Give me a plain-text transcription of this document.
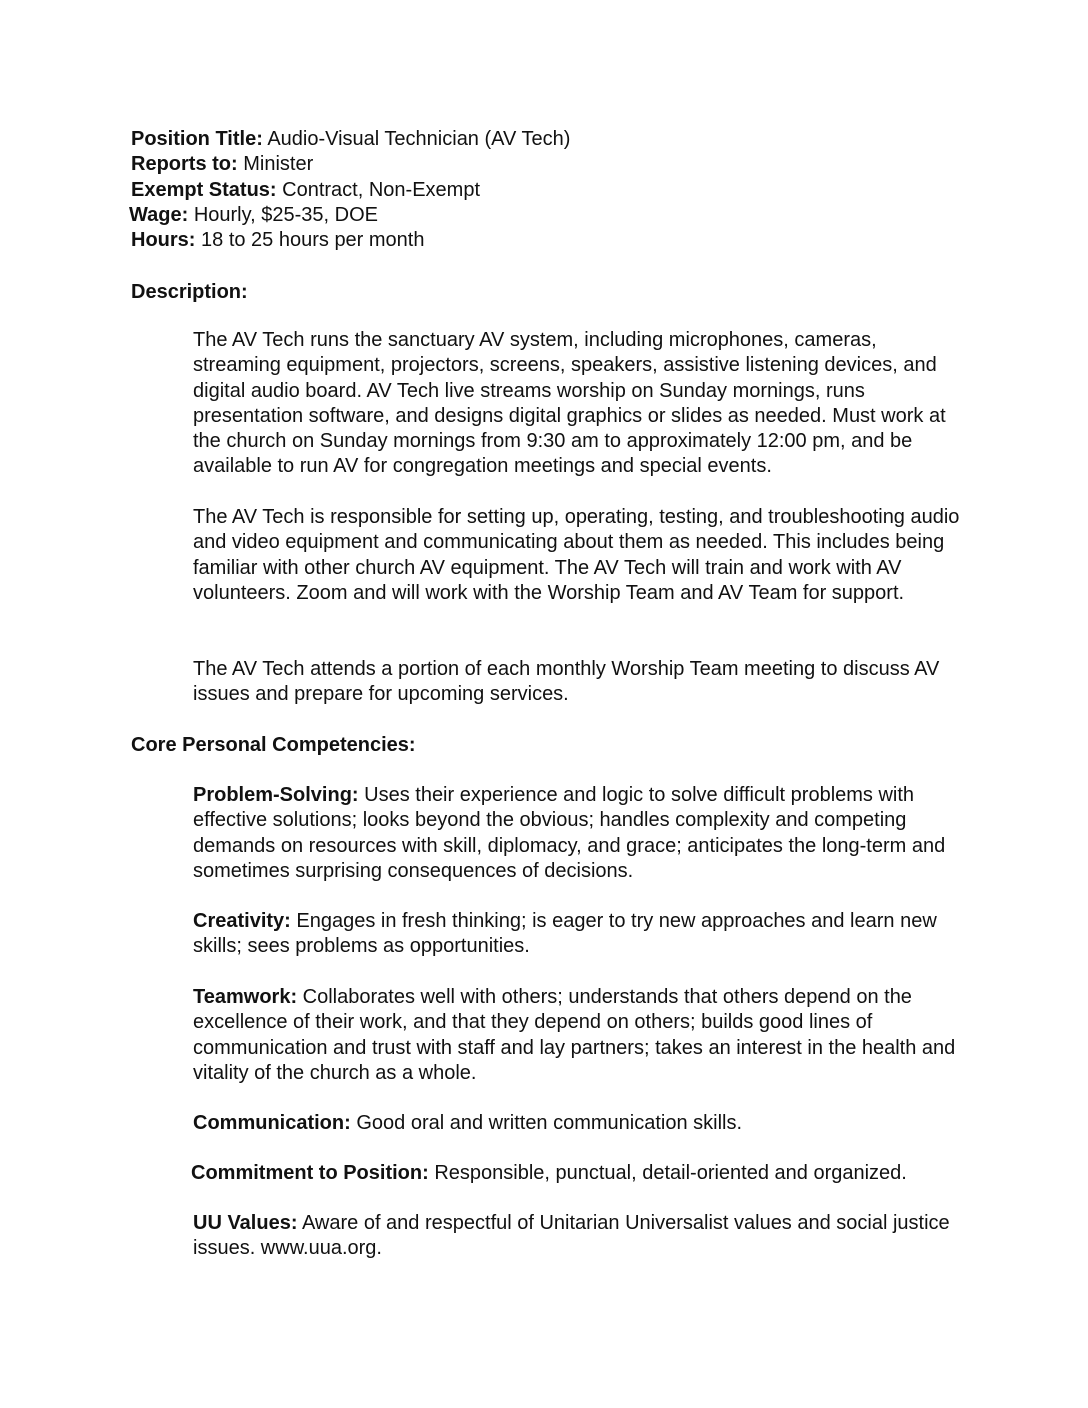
Position Title: Audio-Visual Technician (AV Tech)
Reports to: Minister
Exempt Status: Contract, Non-Exempt
Wage: Hourly, $25-35, DOE
Hours: 18 to 25 hours per month
Description:
The AV Tech runs the sanctuary AV system, including microphones, cameras, streaming equipment, projectors, screens, speakers, assistive listening devices, and digital audio board. AV Tech live streams worship on Sunday mornings, runs presentation software, and designs digital graphics or slides as needed. Must work at the church on Sunday mornings from 9:30 am to approximately 12:00 pm, and be available to run AV for congregation meetings and special events.
The AV Tech is responsible for setting up, operating, testing, and troubleshooting audio and video equipment and communicating about them as needed. This includes being familiar with other church AV equipment. The AV Tech will train and work with AV volunteers. Zoom and will work with the Worship Team and AV Team for support.
The AV Tech attends a portion of each monthly Worship Team meeting to discuss AV issues and prepare for upcoming services.
Core Personal Competencies:
Problem-Solving: Uses their experience and logic to solve difficult problems with effective solutions; looks beyond the obvious; handles complexity and competing demands on resources with skill, diplomacy, and grace; anticipates the long-term and sometimes surprising consequences of decisions.
Creativity: Engages in fresh thinking; is eager to try new approaches and learn new skills; sees problems as opportunities.
Teamwork: Collaborates well with others; understands that others depend on the excellence of their work, and that they depend on others; builds good lines of communication and trust with staff and lay partners; takes an interest in the health and vitality of the church as a whole.
Communication: Good oral and written communication skills.
Commitment to Position: Responsible, punctual, detail-oriented and organized.
UU Values: Aware of and respectful of Unitarian Universalist values and social justice issues. www.uua.org.
